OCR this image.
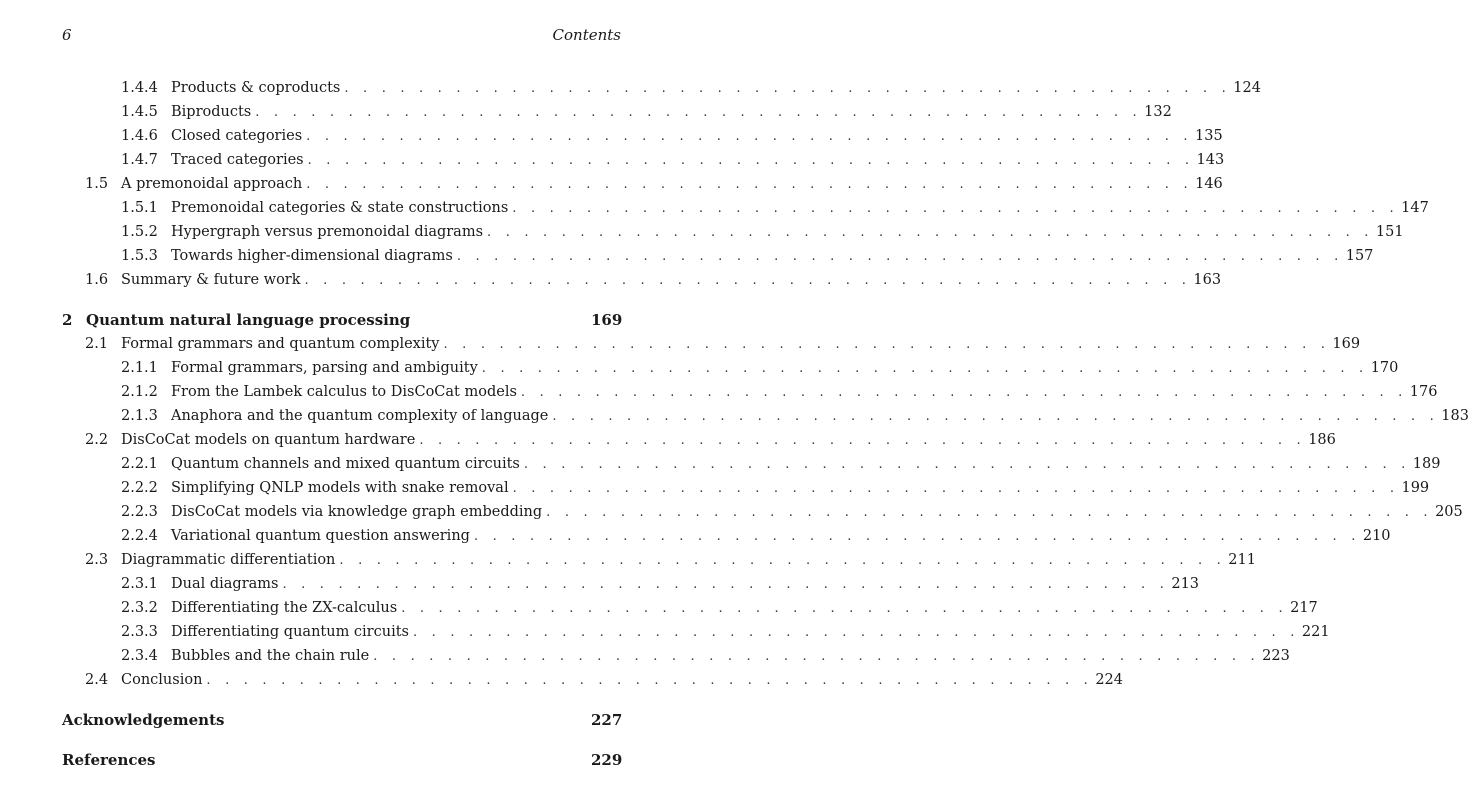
6	Contents
1.4.4 Products & coproducts . . . . . . . . . . . . . . . . . . . . . . . . . . . . . . . . . . . . . . . . . . . . . . . . 124
1.4.5 Biproducts . . . . . . . . . . . . . . . . . . . . . . . . . . . . . . . . . . . . . . . . . . . . . . . . 132
1.4.6 Closed categories . . . . . . . . . . . . . . . . . . . . . . . . . . . . . . . . . . . . . . . . . . . . . . . . 135
1.4.7 Traced categories . . . . . . . . . . . . . . . . . . . . . . . . . . . . . . . . . . . . . . . . . . . . . . . . 143
1.5 A premonoidal approach . . . . . . . . . . . . . . . . . . . . . . . . . . . . . . . . . . . . . . . . . . . . . . . . 146
1.5.1 Premonoidal categories & state constructions . . . . . . . . . . . . . . . . . . . . . . . . . . . . . . . . . . . . . . . . . . . . . . . . 147
1.5.2 Hypergraph versus premonoidal diagrams . . . . . . . . . . . . . . . . . . . . . . . . . . . . . . . . . . . . . . . . . . . . . . . . 151
1.5.3 Towards higher-dimensional diagrams . . . . . . . . . . . . . . . . . . . . . . . . . . . . . . . . . . . . . . . . . . . . . . . . 157
1.6 Summary & future work . . . . . . . . . . . . . . . . . . . . . . . . . . . . . . . . . . . . . . . . . . . . . . . . 163
2 Quantum natural language processing	169
2.1 Formal grammars and quantum complexity . . . . . . . . . . . . . . . . . . . . . . . . . . . . . . . . . . . . . . . . . . . . . . . . 169
2.1.1 Formal grammars, parsing and ambiguity . . . . . . . . . . . . . . . . . . . . . . . . . . . . . . . . . . . . . . . . . . . . . . . . 170
2.1.2 From the Lambek calculus to DisCoCat models . . . . . . . . . . . . . . . . . . . . . . . . . . . . . . . . . . . . . . . . . . . . . . . . 176
2.1.3 Anaphora and the quantum complexity of language . . . . . . . . . . . . . . . . . . . . . . . . . . . . . . . . . . . . . . . . . . . . . . . . 183
2.2 DisCoCat models on quantum hardware . . . . . . . . . . . . . . . . . . . . . . . . . . . . . . . . . . . . . . . . . . . . . . . . 186
2.2.1 Quantum channels and mixed quantum circuits . . . . . . . . . . . . . . . . . . . . . . . . . . . . . . . . . . . . . . . . . . . . . . . . 189
2.2.2 Simplifying QNLP models with snake removal . . . . . . . . . . . . . . . . . . . . . . . . . . . . . . . . . . . . . . . . . . . . . . . . 199
2.2.3 DisCoCat models via knowledge graph embedding . . . . . . . . . . . . . . . . . . . . . . . . . . . . . . . . . . . . . . . . . . . . . . . . 205
2.2.4 Variational quantum question answering . . . . . . . . . . . . . . . . . . . . . . . . . . . . . . . . . . . . . . . . . . . . . . . . 210
2.3 Diagrammatic differentiation . . . . . . . . . . . . . . . . . . . . . . . . . . . . . . . . . . . . . . . . . . . . . . . . 211
2.3.1 Dual diagrams . . . . . . . . . . . . . . . . . . . . . . . . . . . . . . . . . . . . . . . . . . . . . . . . 213
2.3.2 Differentiating the ZX-calculus . . . . . . . . . . . . . . . . . . . . . . . . . . . . . . . . . . . . . . . . . . . . . . . . 217
2.3.3 Differentiating quantum circuits . . . . . . . . . . . . . . . . . . . . . . . . . . . . . . . . . . . . . . . . . . . . . . . . 221
2.3.4 Bubbles and the chain rule . . . . . . . . . . . . . . . . . . . . . . . . . . . . . . . . . . . . . . . . . . . . . . . . 223
2.4 Conclusion . . . . . . . . . . . . . . . . . . . . . . . . . . . . . . . . . . . . . . . . . . . . . . . . 224
Acknowledgements	227
References	229
